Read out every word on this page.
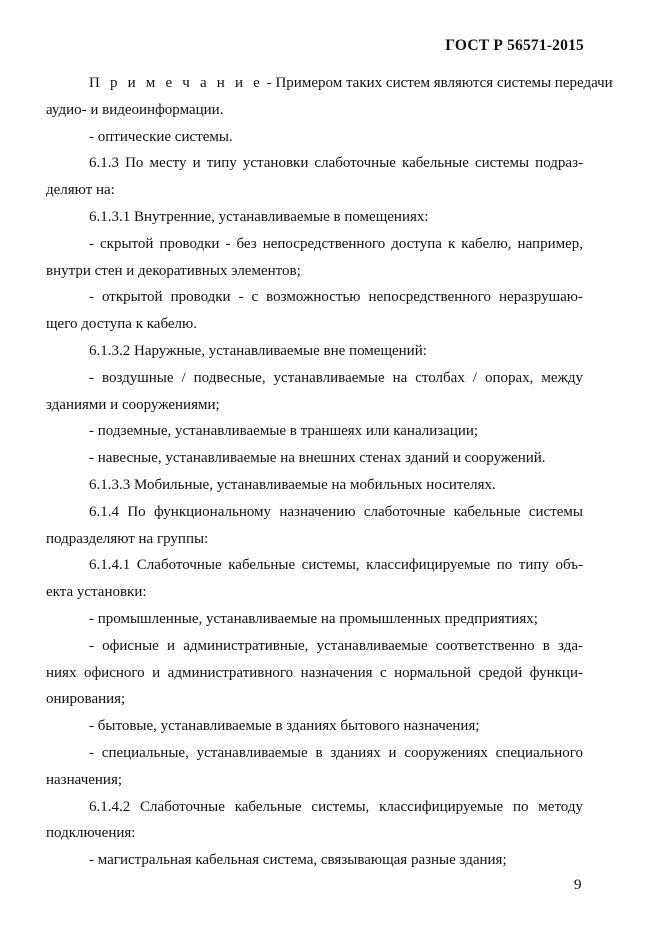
ГОСТ Р 56571-2015
П р и м е ч а н и е - Примером таких систем являются системы передачи
аудио- и видеоинформации.
- оптические системы.
6.1.3 По месту и типу установки слаботочные кабельные системы подраз-
деляют на:
6.1.3.1 Внутренние, устанавливаемые в помещениях:
- скрытой проводки - без непосредственного доступа к кабелю, например,
внутри стен и декоративных элементов;
- открытой проводки - с возможностью непосредственного неразрушаю-
щего доступа к кабелю.
6.1.3.2 Наружные, устанавливаемые вне помещений:
- воздушные / подвесные, устанавливаемые на столбах / опорах, между
зданиями и сооружениями;
- подземные, устанавливаемые в траншеях или канализации;
- навесные, устанавливаемые на внешних стенах зданий и сооружений.
6.1.3.3 Мобильные, устанавливаемые на мобильных носителях.
6.1.4 По функциональному назначению слаботочные кабельные системы
подразделяют на группы:
6.1.4.1 Слаботочные кабельные системы, классифицируемые по типу объ-
екта установки:
- промышленные, устанавливаемые на промышленных предприятиях;
- офисные и административные, устанавливаемые соответственно в зда-
ниях офисного и административного назначения с нормальной средой функци-
онирования;
- бытовые, устанавливаемые в зданиях бытового назначения;
- специальные, устанавливаемые в зданиях и сооружениях специального
назначения;
6.1.4.2 Слаботочные кабельные системы, классифицируемые по методу
подключения:
- магистральная кабельная система, связывающая разные здания;
9
